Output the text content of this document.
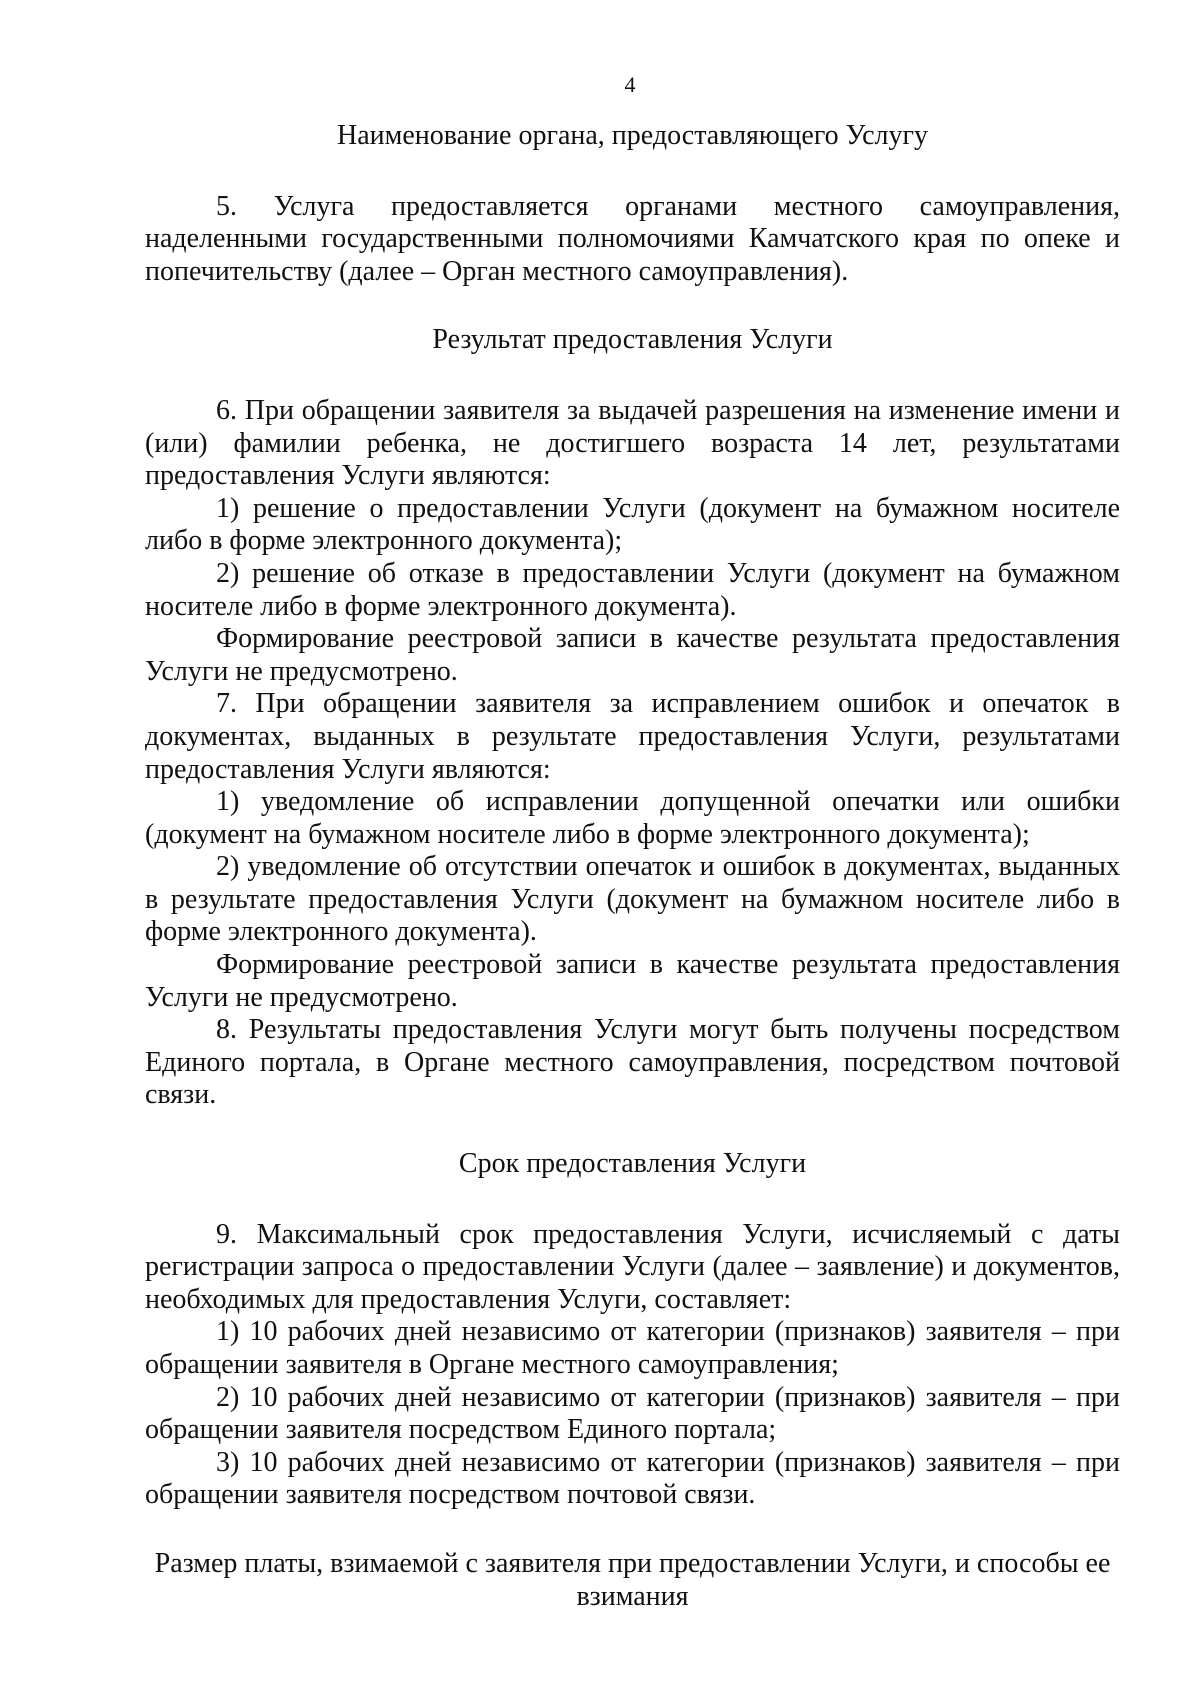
4

Наименование органа, предоставляющего Услугу

5. Услуга предоставляется органами местного самоуправления, наделенными государственными полномочиями Камчатского края по опеке и попечительству (далее – Орган местного самоуправления).

Результат предоставления Услуги

6. При обращении заявителя за выдачей разрешения на изменение имени и (или) фамилии ребенка, не достигшего возраста 14 лет, результатами предоставления Услуги являются:

1) решение о предоставлении Услуги (документ на бумажном носителе либо в форме электронного документа);

2) решение об отказе в предоставлении Услуги (документ на бумажном носителе либо в форме электронного документа).

Формирование реестровой записи в качестве результата предоставления Услуги не предусмотрено.

7. При обращении заявителя за исправлением ошибок и опечаток в документах, выданных в результате предоставления Услуги, результатами предоставления Услуги являются:

1) уведомление об исправлении допущенной опечатки или ошибки (документ на бумажном носителе либо в форме электронного документа);

2) уведомление об отсутствии опечаток и ошибок в документах, выданных в результате предоставления Услуги (документ на бумажном носителе либо в форме электронного документа).

Формирование реестровой записи в качестве результата предоставления Услуги не предусмотрено.

8. Результаты предоставления Услуги могут быть получены посредством Единого портала, в Органе местного самоуправления, посредством почтовой связи.

Срок предоставления Услуги

9. Максимальный срок предоставления Услуги, исчисляемый с даты регистрации запроса о предоставлении Услуги (далее – заявление) и документов, необходимых для предоставления Услуги, составляет:

1) 10 рабочих дней независимо от категории (признаков) заявителя – при обращении заявителя в Органе местного самоуправления;

2) 10 рабочих дней независимо от категории (признаков) заявителя – при обращении заявителя посредством Единого портала;

3) 10 рабочих дней независимо от категории (признаков) заявителя – при обращении заявителя посредством почтовой связи.

Размер платы, взимаемой с заявителя при предоставлении Услуги, и способы ее
взимания
